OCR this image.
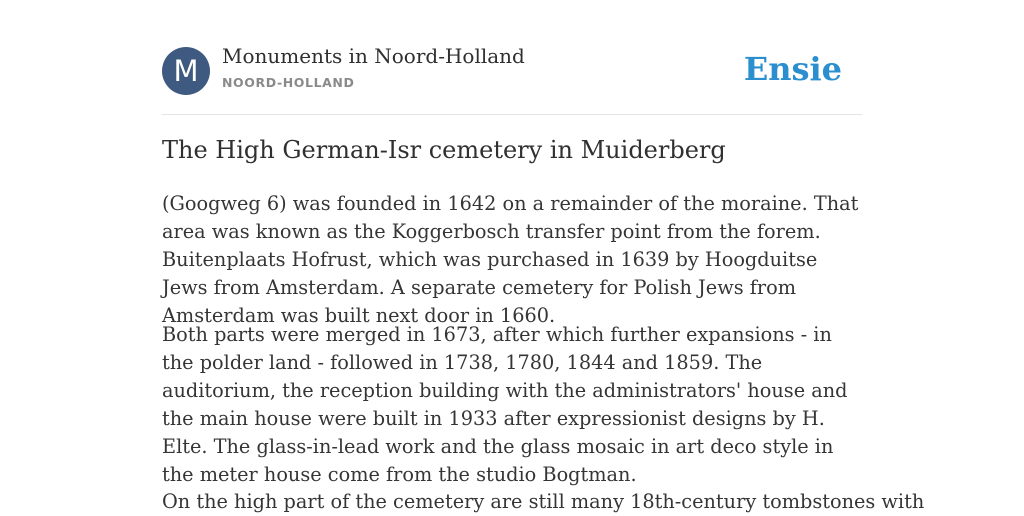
M	Monuments in Noord-Holland
NOORD-HOLLAND	Ensie
The High German-Isr cemetery in Muiderberg

(Googweg 6) was founded in 1642 on a remainder of the moraine. That area was known as the Koggerbosch transfer point from the forem. Buitenplaats Hofrust, which was purchased in 1639 by Hoogduitse Jews from Amsterdam. A separate cemetery for Polish Jews from Amsterdam was built next door in 1660.

Both parts were merged in 1673, after which further expansions - in the polder land - followed in 1738, 1780, 1844 and 1859. The auditorium, the reception building with the administrators' house and the main house were built in 1933 after expressionist designs by H. Elte. The glass-in-lead work and the glass mosaic in art deco style in the meter house come from the studio Bogtman.

On the high part of the cemetery are still many 18th-century tombstones with
